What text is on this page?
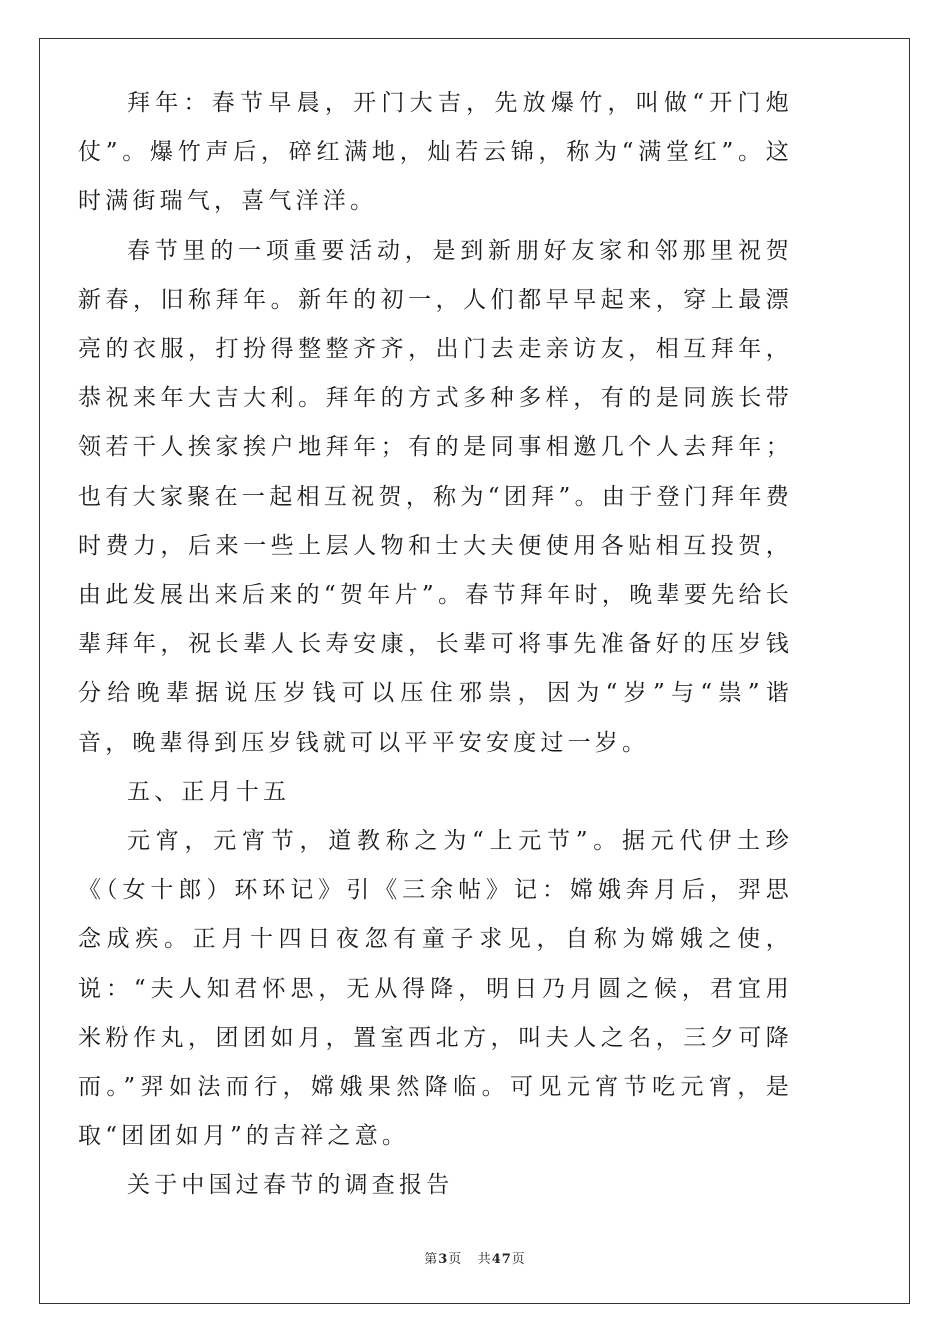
拜年：春节早晨，开门大吉，先放爆竹，叫做“开门炮仗”。爆竹声后，碎红满地，灿若云锦，称为“满堂红”。这时满街瑞气，喜气洋洋。

春节里的一项重要活动，是到新朋好友家和邻那里祝贺新春，旧称拜年。新年的初一，人们都早早起来，穿上最漂亮的衣服，打扮得整整齐齐，出门去走亲访友，相互拜年，恭祝来年大吉大利。拜年的方式多种多样，有的是同族长带领若干人挨家挨户地拜年；有的是同事相邀几个人去拜年；也有大家聚在一起相互祝贺，称为“团拜”。由于登门拜年费时费力，后来一些上层人物和士大夫便使用各贴相互投贺，由此发展出来后来的“贺年片”。春节拜年时，晚辈要先给长辈拜年，祝长辈人长寿安康，长辈可将事先准备好的压岁钱分给晚辈据说压岁钱可以压住邪祟，因为“岁”与“祟”谐音，晚辈得到压岁钱就可以平平安安度过一岁。

五、正月十五

元宵，元宵节，道教称之为“上元节”。据元代伊土珍《（女十郎）环环记》引《三余帖》记：嫦娥奔月后，羿思念成疾。正月十四日夜忽有童子求见，自称为嫦娥之使，说：“夫人知君怀思，无从得降，明日乃月圆之候，君宜用米粉作丸，团团如月，置室西北方，叫夫人之名，三夕可降而。”羿如法而行，嫦娥果然降临。可见元宵节吃元宵，是取“团团如月”的吉祥之意。

关于中国过春节的调查报告

第3页 共47页
